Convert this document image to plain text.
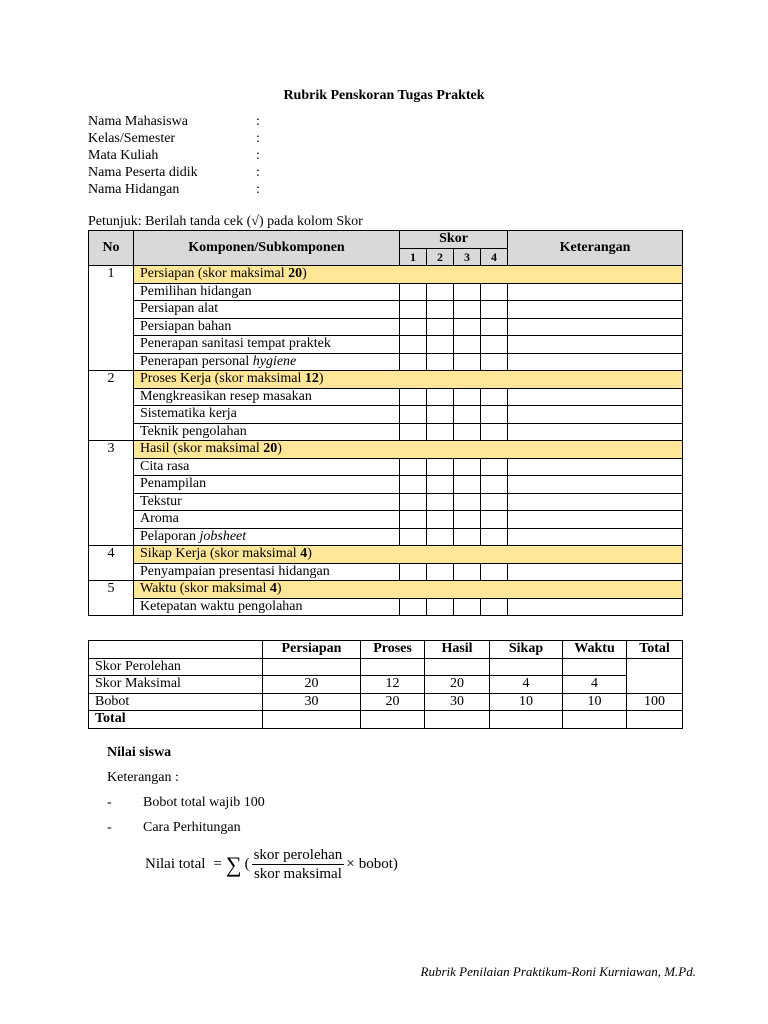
Rubrik Penskoran Tugas Praktek
Nama Mahasiswa	:
Kelas/Semester	:
Mata Kuliah	:
Nama Peserta didik	:
Nama Hidangan	:
Petunjuk: Berilah tanda cek (√) pada kolom Skor
No	Komponen/Subkomponen	Skor				Keterangan
		1	2	3	4	
1	Persiapan (skor maksimal 20)					
	Pemilihan hidangan					
	Persiapan alat					
	Persiapan bahan					
	Penerapan sanitasi tempat praktek					
	Penerapan personal hygiene					
2	Proses Kerja (skor maksimal 12)					
	Mengkreasikan resep masakan					
	Sistematika kerja					
	Teknik pengolahan					
3	Hasil (skor maksimal 20)					
	Cita rasa					
	Penampilan					
	Tekstur					
	Aroma					
	Pelaporan jobsheet					
4	Sikap Kerja (skor maksimal 4)					
	Penyampaian presentasi hidangan					
5	Waktu (skor maksimal 4)					
	Ketepatan waktu pengolahan					
	Persiapan	Proses	Hasil	Sikap	Waktu	Total
Skor Perolehan						
Skor Maksimal	20	12	20	4	4	
Bobot	30	20	30	10	10	100
Total						
Nilai siswa
Keterangan :
- Bobot total wajib 100
- Cara Perhitungan
Nilai total = ∑ ( $\frac{\text{skor perolehan}}{\text{skor maksimal}}$ × bobot )
Rubrik Penilaian Praktikum-Roni Kurniawan, M.Pd.
